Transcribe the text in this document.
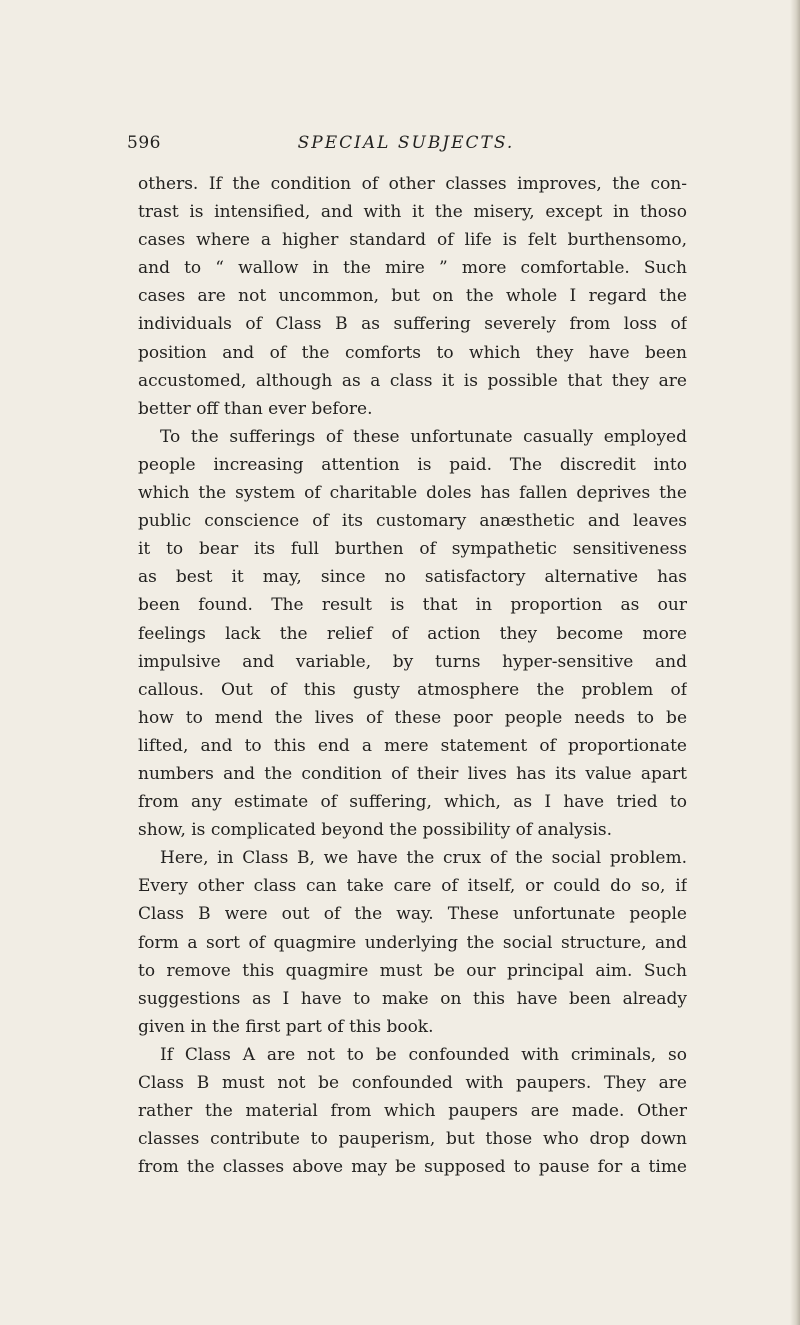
596	SPECIAL SUBJECTS.
others. If the condition of other classes improves, the con-
trast is intensified, and with it the misery, except in thoso
cases where a higher standard of life is felt burthensomo,
and to “ wallow in the mire ” more comfortable. Such
cases are not uncommon, but on the whole I regard the
individuals of Class B as suffering severely from loss of
position and of the comforts to which they have been
accustomed, although as a class it is possible that they are
better off than ever before.
To the sufferings of these unfortunate casually employed
people increasing attention is paid. The discredit into
which the system of charitable doles has fallen deprives the
public conscience of its customary anæsthetic and leaves
it to bear its full burthen of sympathetic sensitiveness
as best it may, since no satisfactory alternative has
been found. The result is that in proportion as our
feelings lack the relief of action they become more
impulsive and variable, by turns hyper-sensitive and
callous. Out of this gusty atmosphere the problem of
how to mend the lives of these poor people needs to be
lifted, and to this end a mere statement of proportionate
numbers and the condition of their lives has its value apart
from any estimate of suffering, which, as I have tried to
show, is complicated beyond the possibility of analysis.
Here, in Class B, we have the crux of the social problem.
Every other class can take care of itself, or could do so, if
Class B were out of the way. These unfortunate people
form a sort of quagmire underlying the social structure, and
to remove this quagmire must be our principal aim. Such
suggestions as I have to make on this have been already
given in the first part of this book.
If Class A are not to be confounded with criminals, so
Class B must not be confounded with paupers. They are
rather the material from which paupers are made. Other
classes contribute to pauperism, but those who drop down
from the classes above may be supposed to pause for a time
